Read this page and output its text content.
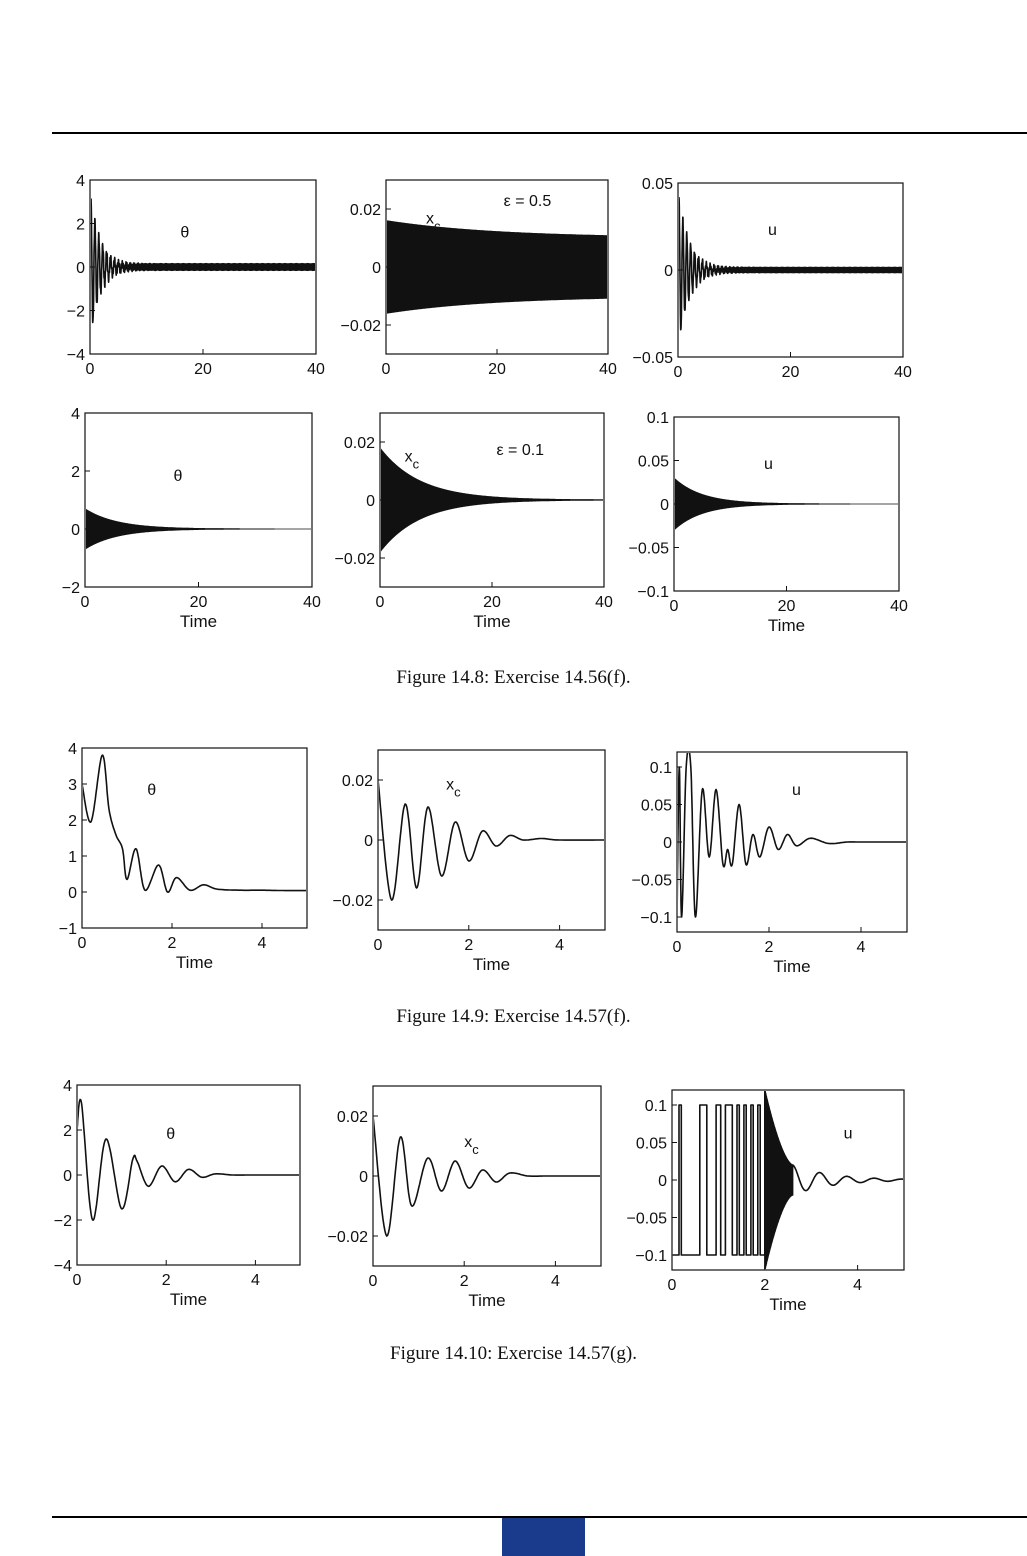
0	20	40
−4
−2
0
2
4
θ
0	20	40
−0.02
0
0.02	$x_c$
ε = 0.5
0	20	40
−0.05
0
0.05
u
0	20	40
−2
0
2
4
Time
θ
0	20	40
−0.02
0
0.02
Time
$x_c$
ε = 0.1
0	20	40
−0.1
−0.05
0
0.05
0.1
Time
u
0	2	4
−1
0
1
2
3
4
Time
θ
0	2	4
−0.02
0
0.02
Time
$x_c$
0	2	4
−0.1
−0.05
0
0.05
0.1
Time
u
0	2	4
−4
−2
0
2
4
Time
θ
0	2	4
−0.02
0
0.02
Time
$x_c$
0	2	4
−0.1
−0.05
0
0.05
0.1
Time
u
Figure 14.8: Exercise 14.56(f).
Figure 14.9: Exercise 14.57(f).
Figure 14.10: Exercise 14.57(g).
